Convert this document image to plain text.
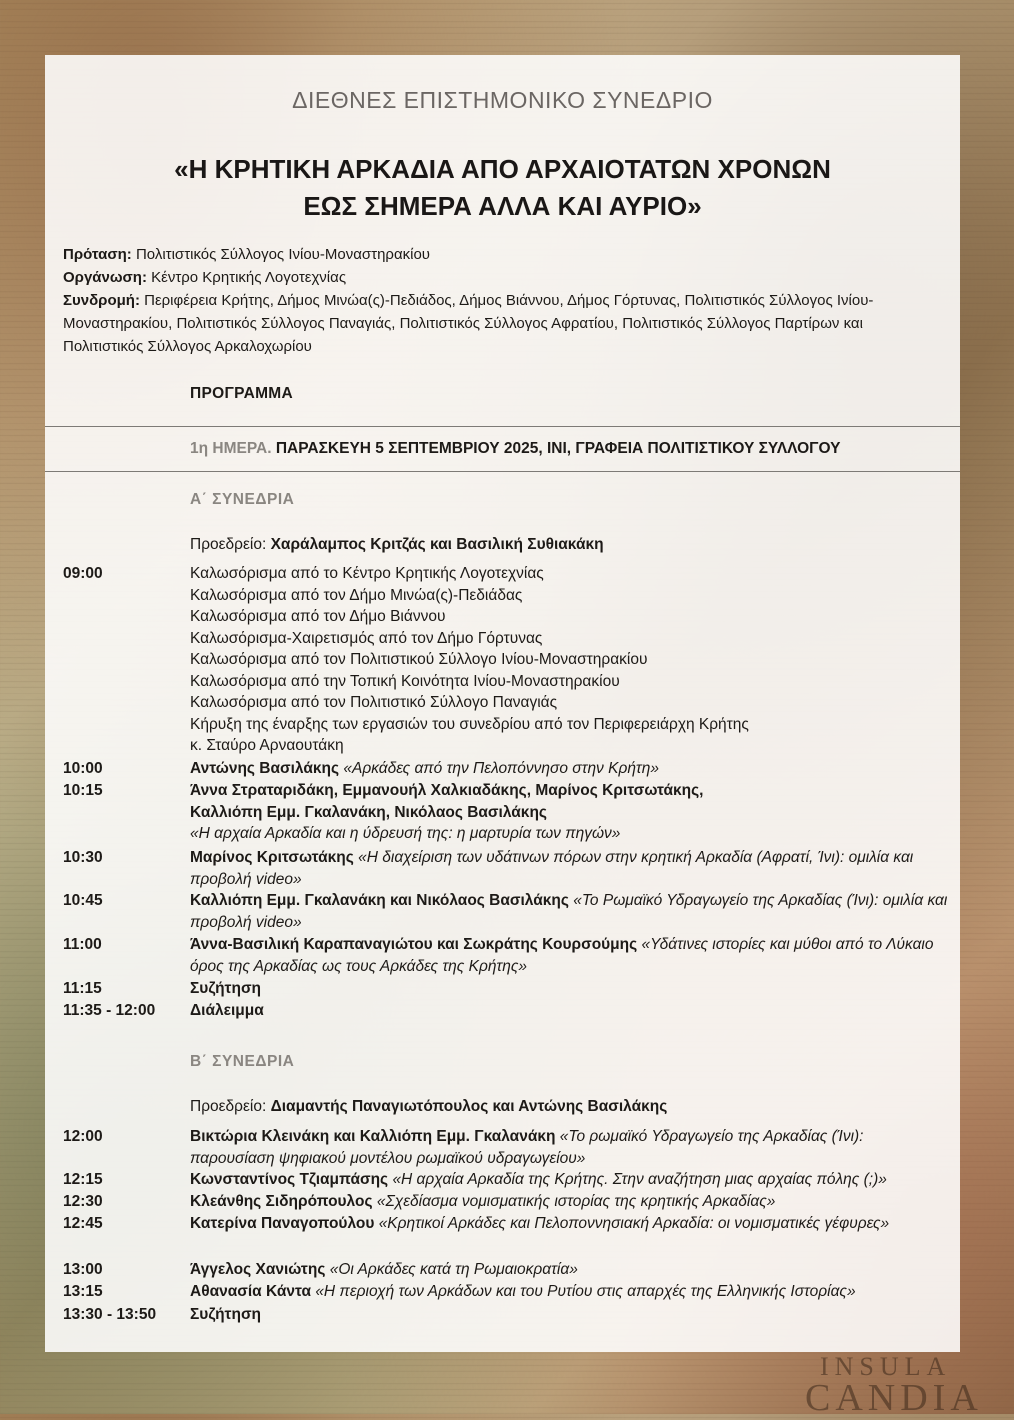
INSULA
CANDIA
ΔΙΕΘΝΕΣ ΕΠΙΣΤΗΜΟΝΙΚΟ ΣΥΝΕΔΡΙΟ
«Η ΚΡΗΤΙΚΗ ΑΡΚΑΔΙΑ ΑΠΟ ΑΡΧΑΙΟΤΑΤΩΝ ΧΡΟΝΩΝ
ΕΩΣ ΣΗΜΕΡΑ ΑΛΛΑ ΚΑΙ ΑΥΡΙΟ»
Πρόταση: Πολιτιστικός Σύλλογος Ινίου-Μοναστηρακίου
Οργάνωση: Κέντρο Κρητικής Λογοτεχνίας
Συνδρομή: Περιφέρεια Κρήτης, Δήμος Μινώα(ς)-Πεδιάδος, Δήμος Βιάννου, Δήμος Γόρτυνας, Πολιτιστικός Σύλλογος Ινίου-Μοναστηρακίου, Πολιτιστικός Σύλλογος Παναγιάς, Πολιτιστικός Σύλλογος Αφρατίου, Πολιτιστικός Σύλλογος Παρτίρων και Πολιτιστικός Σύλλογος Αρκαλοχωρίου
ΠΡΟΓΡΑΜΜΑ
1η ΗΜΕΡΑ. ΠΑΡΑΣΚΕΥΗ 5 ΣΕΠΤΕΜΒΡΙΟΥ 2025, ΙΝΙ, ΓΡΑΦΕΙΑ ΠΟΛΙΤΙΣΤΙΚΟΥ ΣΥΛΛΟΓΟΥ
Α΄ ΣΥΝΕΔΡΙΑ
Προεδρείο: Χαράλαμπος Κριτζάς και Βασιλική Συθιακάκη
09:00	Καλωσόρισμα από το Κέντρο Κρητικής Λογοτεχνίας
Καλωσόρισμα από τον Δήμο Μινώα(ς)-Πεδιάδας
Καλωσόρισμα από τον Δήμο Βιάννου
Καλωσόρισμα-Χαιρετισμός από τον Δήμο Γόρτυνας
Καλωσόρισμα από τον Πολιτιστικού Σύλλογο Ινίου-Μοναστηρακίου
Καλωσόρισμα από την Τοπική Κοινότητα Ινίου-Μοναστηρακίου
Καλωσόρισμα από τον Πολιτιστικό Σύλλογο Παναγιάς
Κήρυξη της έναρξης των εργασιών του συνεδρίου από τον Περιφερειάρχη Κρήτης
κ. Σταύρο Αρναουτάκη
10:00	Αντώνης Βασιλάκης «Αρκάδες από την Πελοπόννησο στην Κρήτη»
10:15	Άννα Στραταριδάκη, Εμμανουήλ Χαλκιαδάκης, Μαρίνος Κριτσωτάκης,
Καλλιόπη Εμμ. Γκαλανάκη, Νικόλαος Βασιλάκης
«Η αρχαία Αρκαδία και η ύδρευσή της: η μαρτυρία των πηγών»
10:30	Μαρίνος Κριτσωτάκης «Η διαχείριση των υδάτινων πόρων στην κρητική Αρκαδία (Αφρατί, Ίνι): ομιλία και προβολή video»
10:45	Καλλιόπη Εμμ. Γκαλανάκη και Νικόλαος Βασιλάκης «Το Ρωμαϊκό Υδραγωγείο της Αρκαδίας (Ίνι): ομιλία και προβολή video»
11:00	Άννα-Βασιλική Καραπαναγιώτου και Σωκράτης Κουρσούμης «Υδάτινες ιστορίες και μύθοι από το Λύκαιο όρος της Αρκαδίας ως τους Αρκάδες της Κρήτης»
11:15	Συζήτηση
11:35 - 12:00	Διάλειμμα
Β΄ ΣΥΝΕΔΡΙΑ
Προεδρείο: Διαμαντής Παναγιωτόπουλος και Αντώνης Βασιλάκης
12:00	Βικτώρια Κλεινάκη και Καλλιόπη Εμμ. Γκαλανάκη «Το ρωμαϊκό Υδραγωγείο της Αρκαδίας (Ίνι): παρουσίαση ψηφιακού μοντέλου ρωμαϊκού υδραγωγείου»
12:15	Κωνσταντίνος Τζιαμπάσης «Η αρχαία Αρκαδία της Κρήτης. Στην αναζήτηση μιας αρχαίας πόλης (;)»
12:30	Κλεάνθης Σιδηρόπουλος «Σχεδίασμα νομισματικής ιστορίας της κρητικής Αρκαδίας»
12:45	Κατερίνα Παναγοπούλου «Κρητικοί Αρκάδες και Πελοποννησιακή Αρκαδία: οι νομισματικές γέφυρες»
13:00	Άγγελος Χανιώτης «Οι Αρκάδες κατά τη Ρωμαιοκρατία»
13:15	Αθανασία Κάντα «Η περιοχή των Αρκάδων και του Ρυτίου στις απαρχές της Ελληνικής Ιστορίας»
13:30 - 13:50	Συζήτηση
